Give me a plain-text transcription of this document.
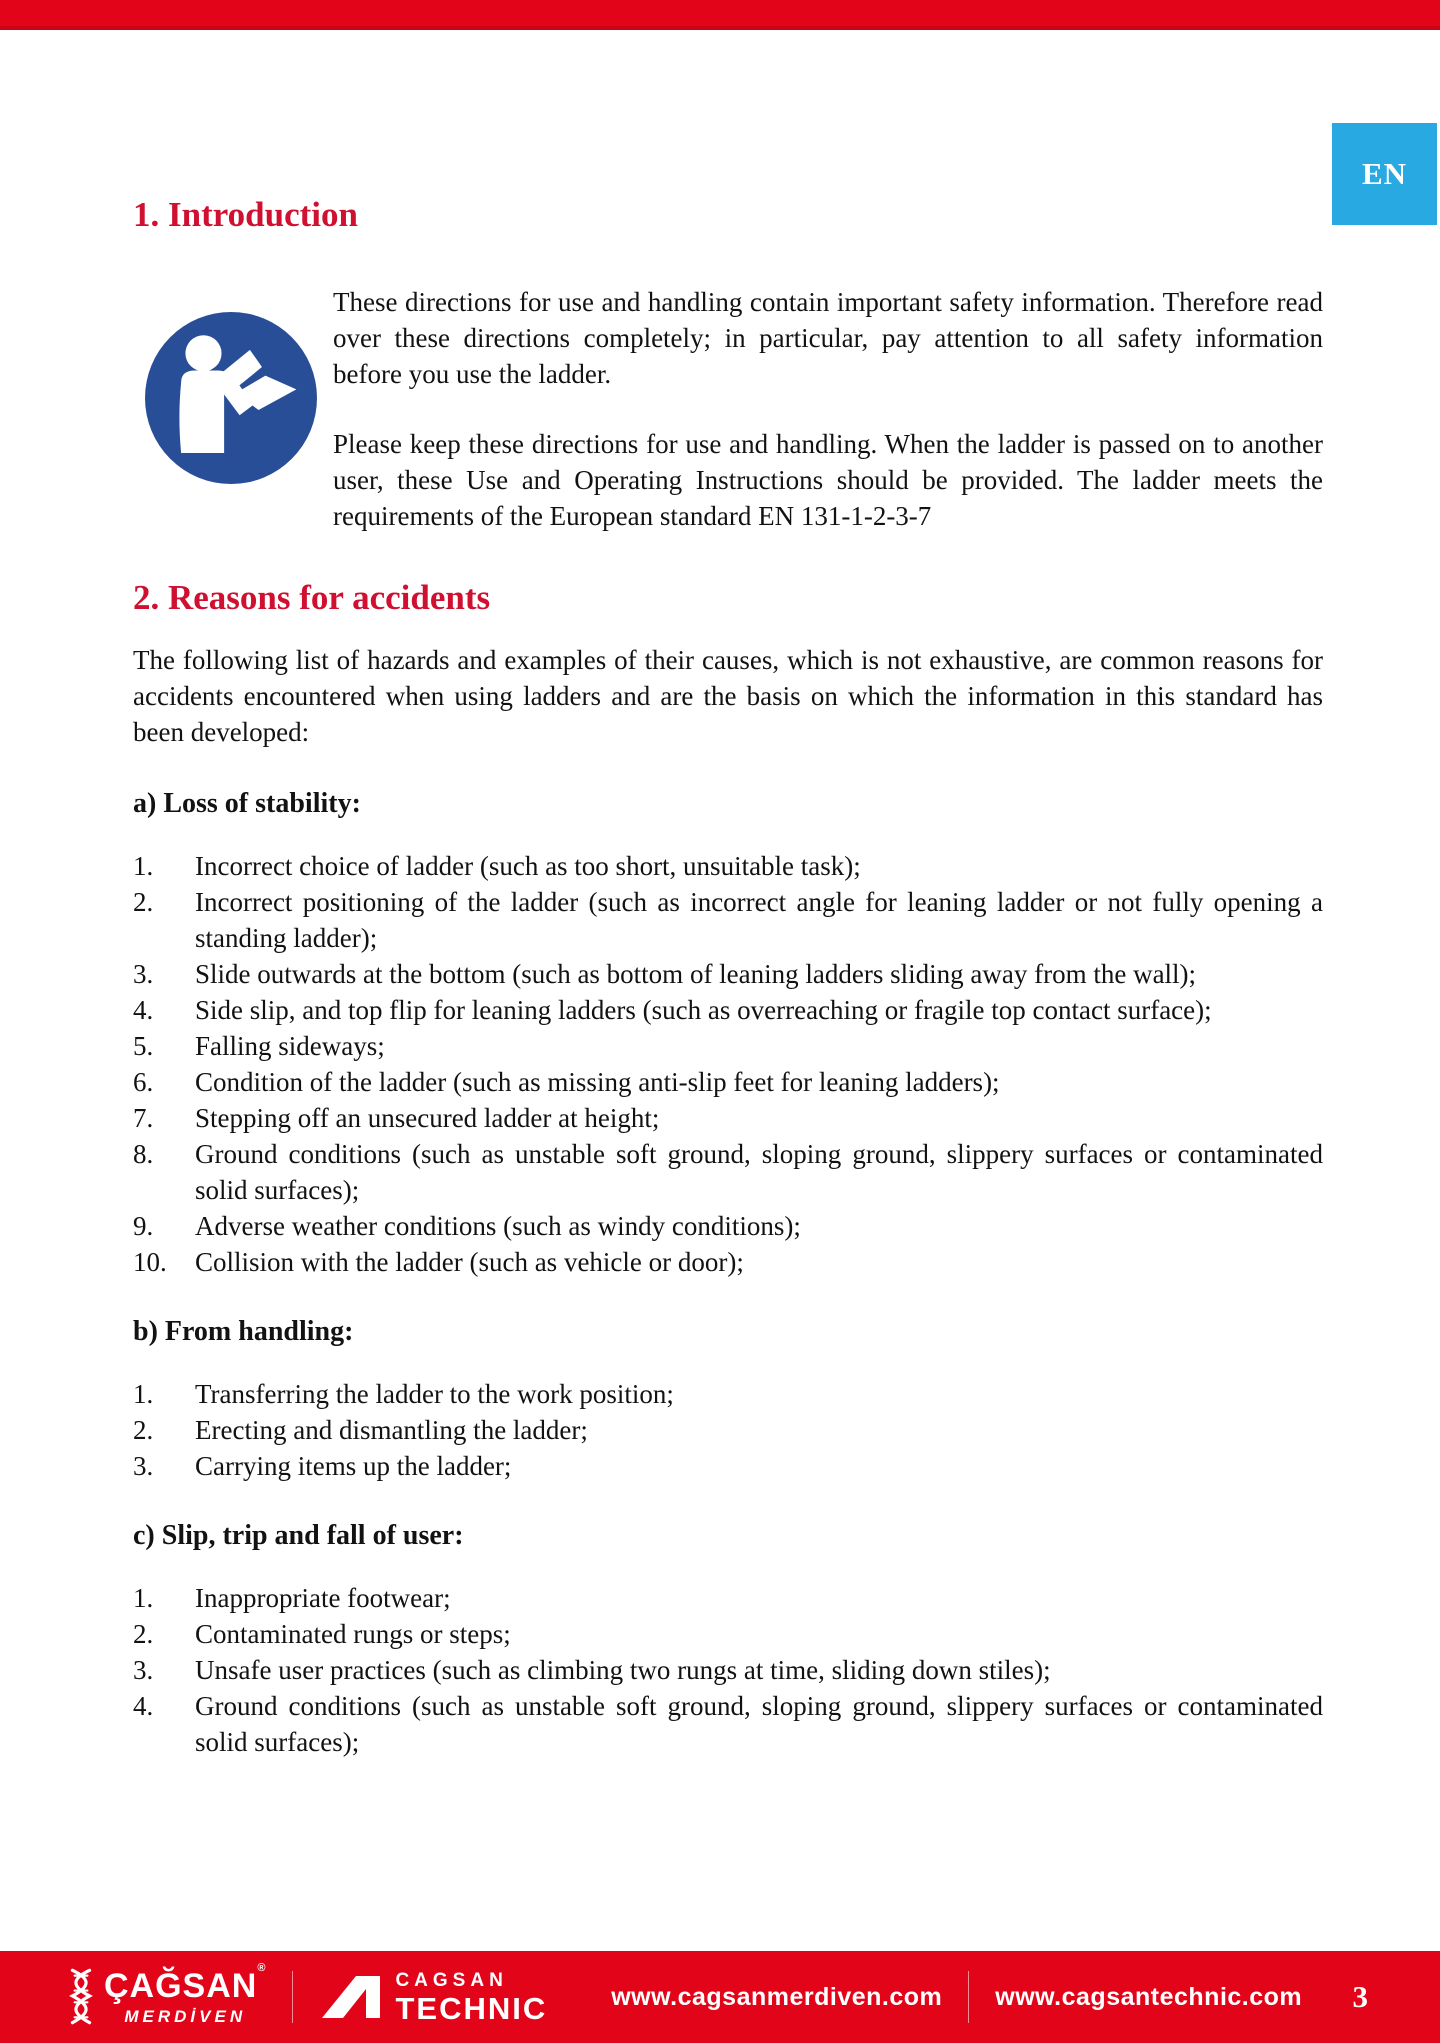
EN
1. Introduction

These directions for use and handling contain important safety information. Therefore read over these directions completely; in particular, pay attention to all safety information before you use the ladder.

Please keep these directions for use and handling. When the ladder is passed on to another user, these Use and Operating Instructions should be provided. The ladder meets the requirements of the European standard EN 131-1-2-3-7

2. Reasons for accidents

The following list of hazards and examples of their causes, which is not exhaustive, are common reasons for accidents encountered when using ladders and are the basis on which the information in this standard has been developed:

a) Loss of stability:
Incorrect choice of ladder (such as too short, unsuitable task);
Incorrect positioning of the ladder (such as incorrect angle for leaning ladder or not fully opening a standing ladder);
Slide outwards at the bottom (such as bottom of leaning ladders sliding away from the wall);
Side slip, and top flip for leaning ladders (such as overreaching or fragile top contact surface);
Falling sideways;
Condition of the ladder (such as missing anti-slip feet for leaning ladders);
Stepping off an unsecured ladder at height;
Ground conditions (such as unstable soft ground, sloping ground, slippery surfaces or contaminated solid surfaces);
Adverse weather conditions (such as windy conditions);
Collision with the ladder (such as vehicle or door);
b) From handling:
Transferring the ladder to the work position;
Erecting and dismantling the ladder;
Carrying items up the ladder;
c) Slip, trip and fall of user:
Inappropriate footwear;
Contaminated rungs or steps;
Unsafe user practices (such as climbing two rungs at time, sliding down stiles);
Ground conditions (such as unstable soft ground, sloping ground, slippery surfaces or contaminated solid surfaces);
ÇAĞSAN®
MERDİVEN
CAGSAN
TECHNIC	www.cagsanmerdiven.com www.cagsantechnic.com 3
